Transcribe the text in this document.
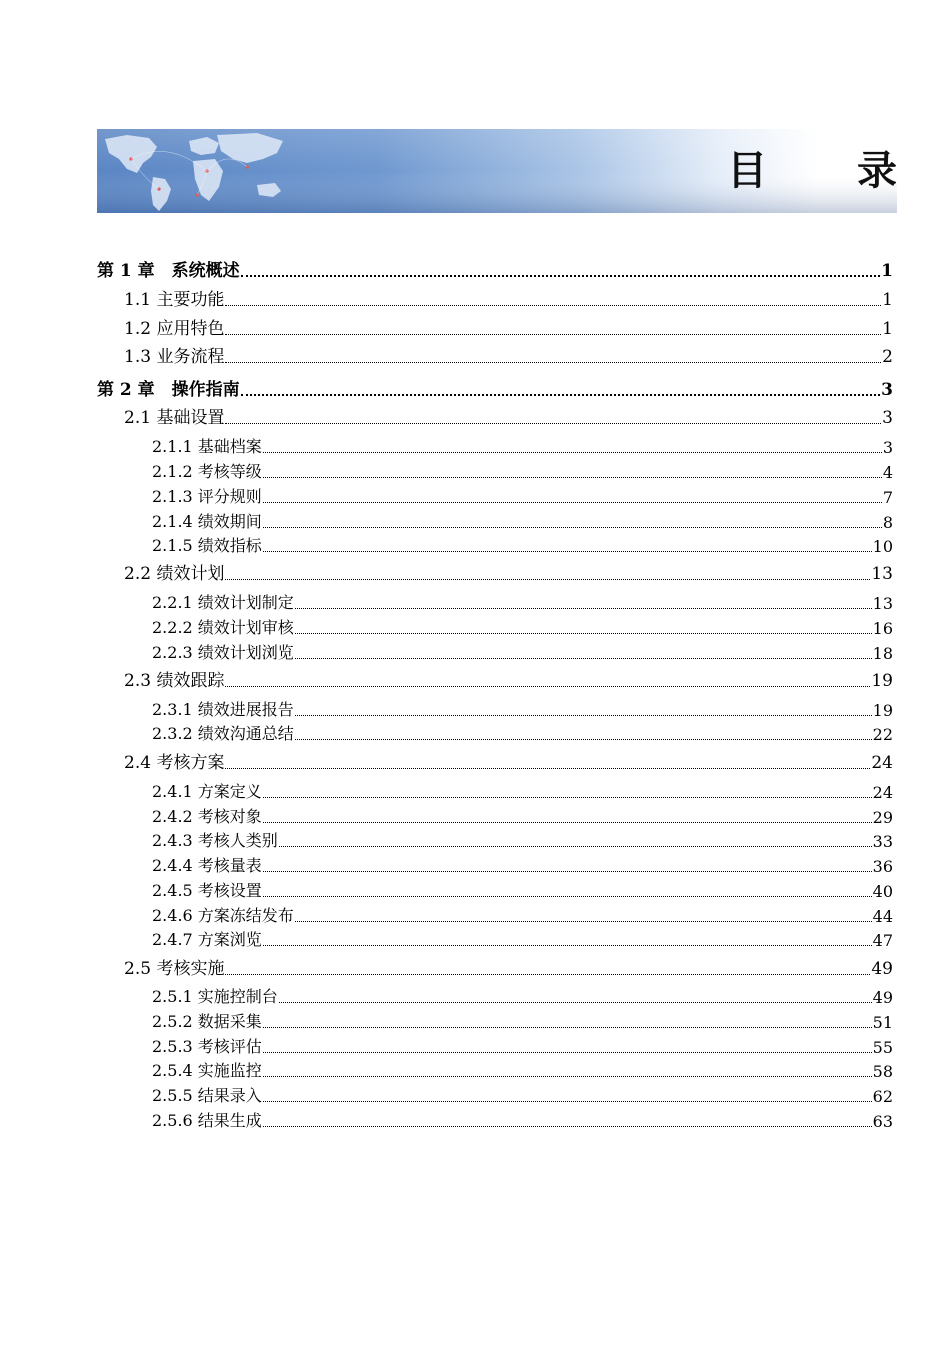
目 录
第 1 章　系统概述	1
1.1 主要功能	1
1.2 应用特色	1
1.3 业务流程	2
第 2 章　操作指南	3
2.1 基础设置	3
2.1.1 基础档案	3
2.1.2 考核等级	4
2.1.3 评分规则	7
2.1.4 绩效期间	8
2.1.5 绩效指标	10
2.2 绩效计划	13
2.2.1 绩效计划制定	13
2.2.2 绩效计划审核	16
2.2.3 绩效计划浏览	18
2.3 绩效跟踪	19
2.3.1 绩效进展报告	19
2.3.2 绩效沟通总结	22
2.4 考核方案	24
2.4.1 方案定义	24
2.4.2 考核对象	29
2.4.3 考核人类别	33
2.4.4 考核量表	36
2.4.5 考核设置	40
2.4.6 方案冻结发布	44
2.4.7 方案浏览	47
2.5 考核实施	49
2.5.1 实施控制台	49
2.5.2 数据采集	51
2.5.3 考核评估	55
2.5.4 实施监控	58
2.5.5 结果录入	62
2.5.6 结果生成	63
